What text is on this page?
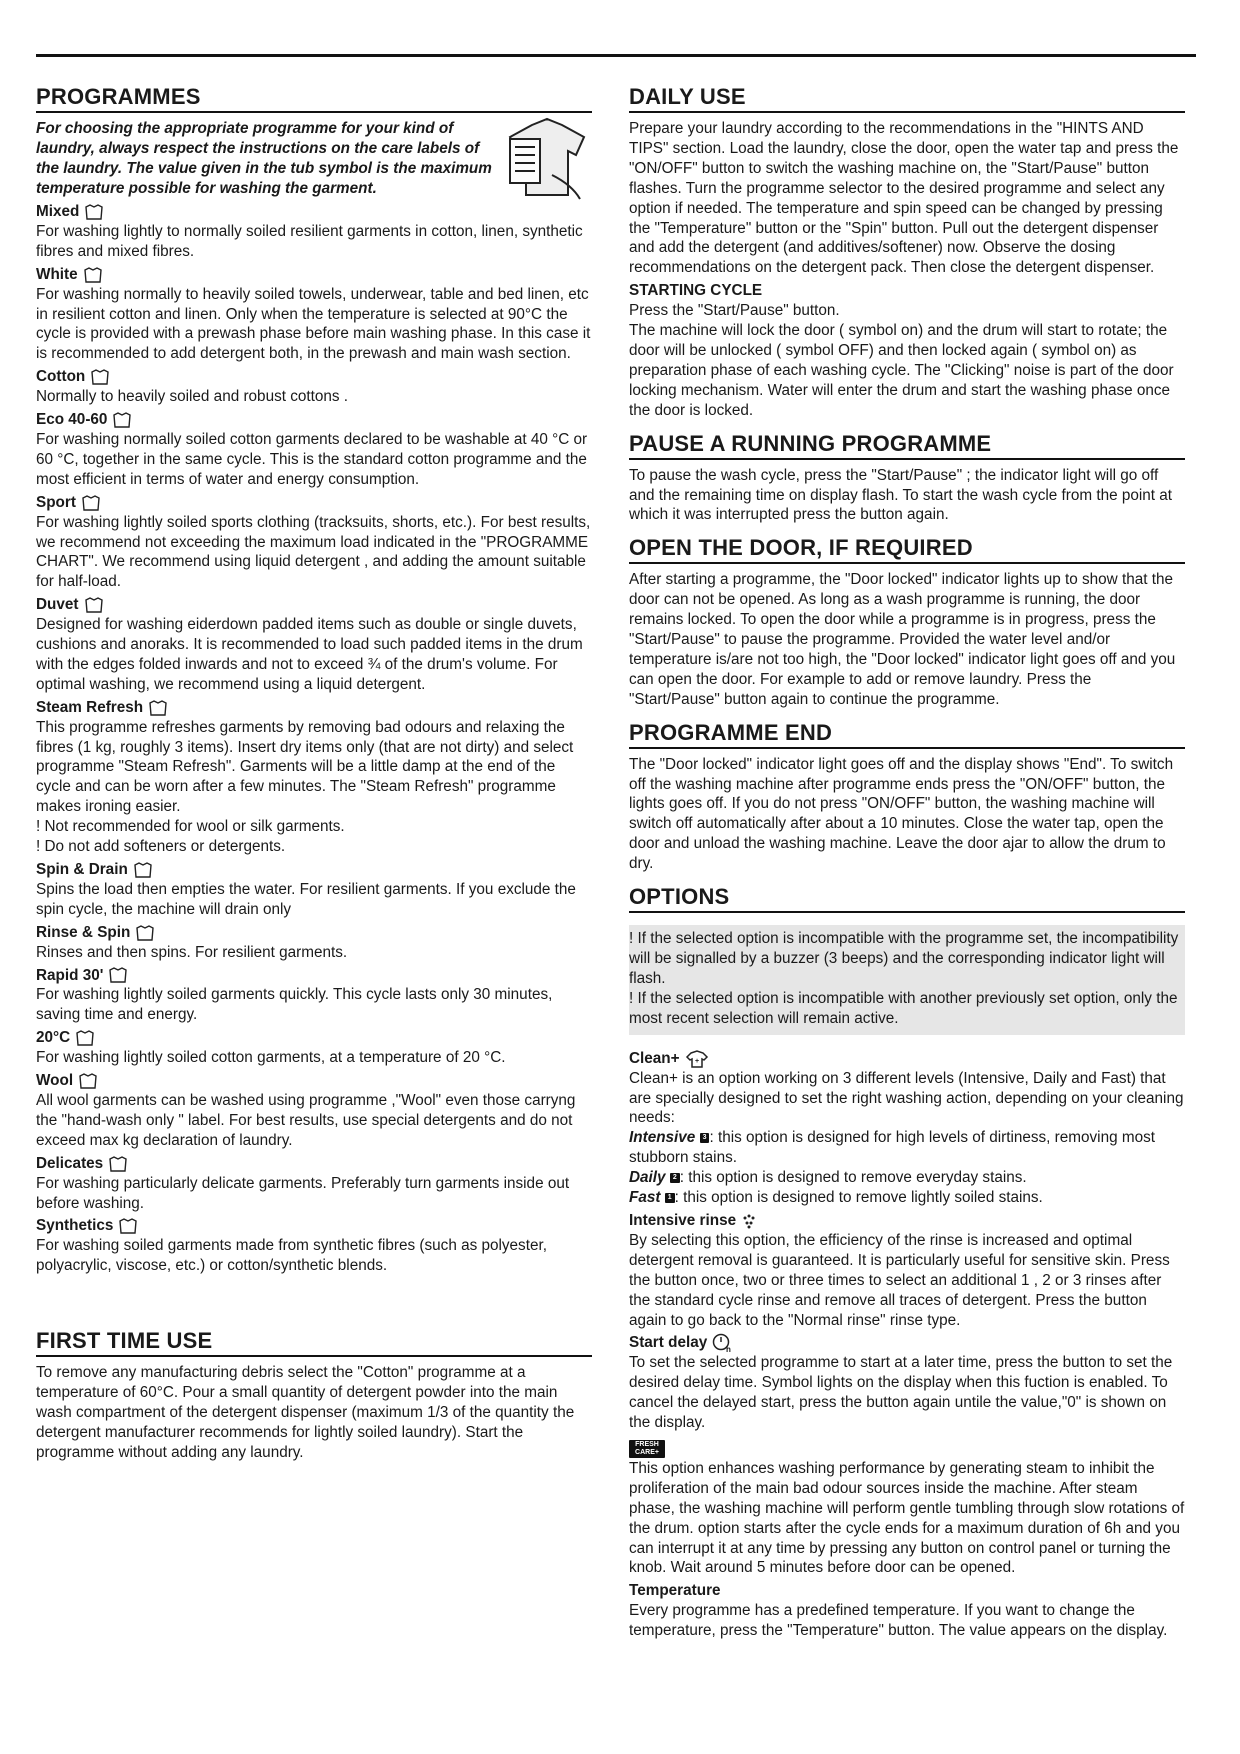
PROGRAMMES
For choosing the appropriate programme for your kind of laundry, always respect the instructions on the care labels of the laundry. The value given in the tub symbol is the maximum temperature possible for washing the garment.
Mixed

For washing lightly to normally soiled resilient garments in cotton, linen, synthetic fibres and mixed fibres.

White

For washing normally to heavily soiled towels, underwear, table and bed linen, etc in resilient cotton and linen. Only when the temperature is selected at 90°C the cycle is provided with a prewash phase before main washing phase. In this case it is recommended to add detergent both, in the prewash and main wash section.

Cotton

Normally to heavily soiled and robust cottons .

Eco 40-60

For washing normally soiled cotton garments declared to be washable at 40 °C or 60 °C, together in the same cycle. This is the standard cotton programme and the most efficient in terms of water and energy consumption.

Sport

For washing lightly soiled sports clothing (tracksuits, shorts, etc.). For best results, we recommend not exceeding the maximum load indicated in the "PROGRAMME CHART". We recommend using liquid detergent , and adding the amount suitable for half-load.

Duvet

Designed for washing eiderdown padded items such as double or single duvets, cushions and anoraks. It is recommended to load such padded items in the drum with the edges folded inwards and not to exceed ¾ of the drum's volume. For optimal washing, we recommend using a liquid detergent.

Steam Refresh

This programme refreshes garments by removing bad odours and relaxing the fibres (1 kg, roughly 3 items). Insert dry items only (that are not dirty) and select programme "Steam Refresh". Garments will be a little damp at the end of the cycle and can be worn after a few minutes. The "Steam Refresh" programme makes ironing easier.
! Not recommended for wool or silk garments.
! Do not add softeners or detergents.

Spin & Drain

Spins the load then empties the water. For resilient garments. If you exclude the spin cycle, the machine will drain only

Rinse & Spin

Rinses and then spins. For resilient garments.

Rapid 30'

For washing lightly soiled garments quickly. This cycle lasts only 30 minutes, saving time and energy.

20°C

For washing lightly soiled cotton garments, at a temperature of 20 °C.

Wool

All wool garments can be washed using programme ,"Wool" even those carryng the "hand-wash only " label. For best results, use special detergents and do not exceed max kg declaration of laundry.

Delicates

For washing particularly delicate garments. Preferably turn garments inside out before washing.

Synthetics

For washing soiled garments made from synthetic fibres (such as polyester, polyacrylic, viscose, etc.) or cotton/synthetic blends.

FIRST TIME USE

To remove any manufacturing debris select the "Cotton" programme at a temperature of 60°C. Pour a small quantity of detergent powder into the main wash compartment of the detergent dispenser (maximum 1/3 of the quantity the detergent manufacturer recommends for lightly soiled laundry). Start the programme without adding any laundry.

DAILY USE

Prepare your laundry according to the recommendations in the "HINTS AND TIPS" section. Load the laundry, close the door, open the water tap and press the "ON/OFF" button to switch the washing machine on, the "Start/Pause" button flashes. Turn the programme selector to the desired programme and select any option if needed. The temperature and spin speed can be changed by pressing the "Temperature" button or the "Spin" button. Pull out the detergent dispenser and add the detergent (and additives/softener) now. Observe the dosing recommendations on the detergent pack. Then close the detergent dispenser.

STARTING CYCLE

Press the "Start/Pause" button.
The machine will lock the door ( symbol on) and the drum will start to rotate; the door will be unlocked ( symbol OFF) and then locked again ( symbol on) as preparation phase of each washing cycle. The "Clicking" noise is part of the door locking mechanism. Water will enter the drum and start the washing phase once the door is locked.

PAUSE A RUNNING PROGRAMME

To pause the wash cycle, press the "Start/Pause" ; the indicator light will go off and the remaining time on display flash. To start the wash cycle from the point at which it was interrupted press the button again.

OPEN THE DOOR, IF REQUIRED

After starting a programme, the "Door locked" indicator lights up to show that the door can not be opened. As long as a wash programme is running, the door remains locked. To open the door while a programme is in progress, press the "Start/Pause" to pause the programme. Provided the water level and/or temperature is/are not too high, the "Door locked" indicator light goes off and you can open the door. For example to add or remove laundry. Press the "Start/Pause" button again to continue the programme.

PROGRAMME END

The "Door locked" indicator light goes off and the display shows "End". To switch off the washing machine after programme ends press the "ON/OFF" button, the lights goes off. If you do not press "ON/OFF" button, the washing machine will switch off automatically after about a 10 minutes. Close the water tap, open the door and unload the washing machine. Leave the door ajar to allow the drum to dry.

OPTIONS
! If the selected option is incompatible with the programme set, the incompatibility will be signalled by a buzzer (3 beeps) and the corresponding indicator light will flash.
! If the selected option is incompatible with another previously set option, only the most recent selection will remain active.
Clean+ +

Clean+ is an option working on 3 different levels (Intensive, Daily and Fast) that are specially designed to set the right washing action, depending on your cleaning needs:

Intensive 3 : this option is designed for high levels of dirtiness, removing most stubborn stains.

Daily 2 : this option is designed to remove everyday stains.

Fast 1 : this option is designed to remove lightly soiled stains.

Intensive rinse

By selecting this option, the efficiency of the rinse is increased and optimal detergent removal is guaranteed. It is particularly useful for sensitive skin. Press the button once, two or three times to select an additional 1 , 2 or 3 rinses after the standard cycle rinse and remove all traces of detergent. Press the button again to go back to the "Normal rinse" rinse type.

Start delay h

To set the selected programme to start at a later time, press the button to set the desired delay time. Symbol lights on the display when this fuction is enabled. To cancel the delayed start, press the button again untile the value,"0" is shown on the display.

FRESH CARE+

This option enhances washing performance by generating steam to inhibit the proliferation of the main bad odour sources inside the machine. After steam phase, the washing machine will perform gentle tumbling through slow rotations of the drum. option starts after the cycle ends for a maximum duration of 6h and you can interrupt it at any time by pressing any button on control panel or turning the knob. Wait around 5 minutes before door can be opened.

Temperature

Every programme has a predefined temperature. If you want to change the temperature, press the "Temperature" button. The value appears on the display.
